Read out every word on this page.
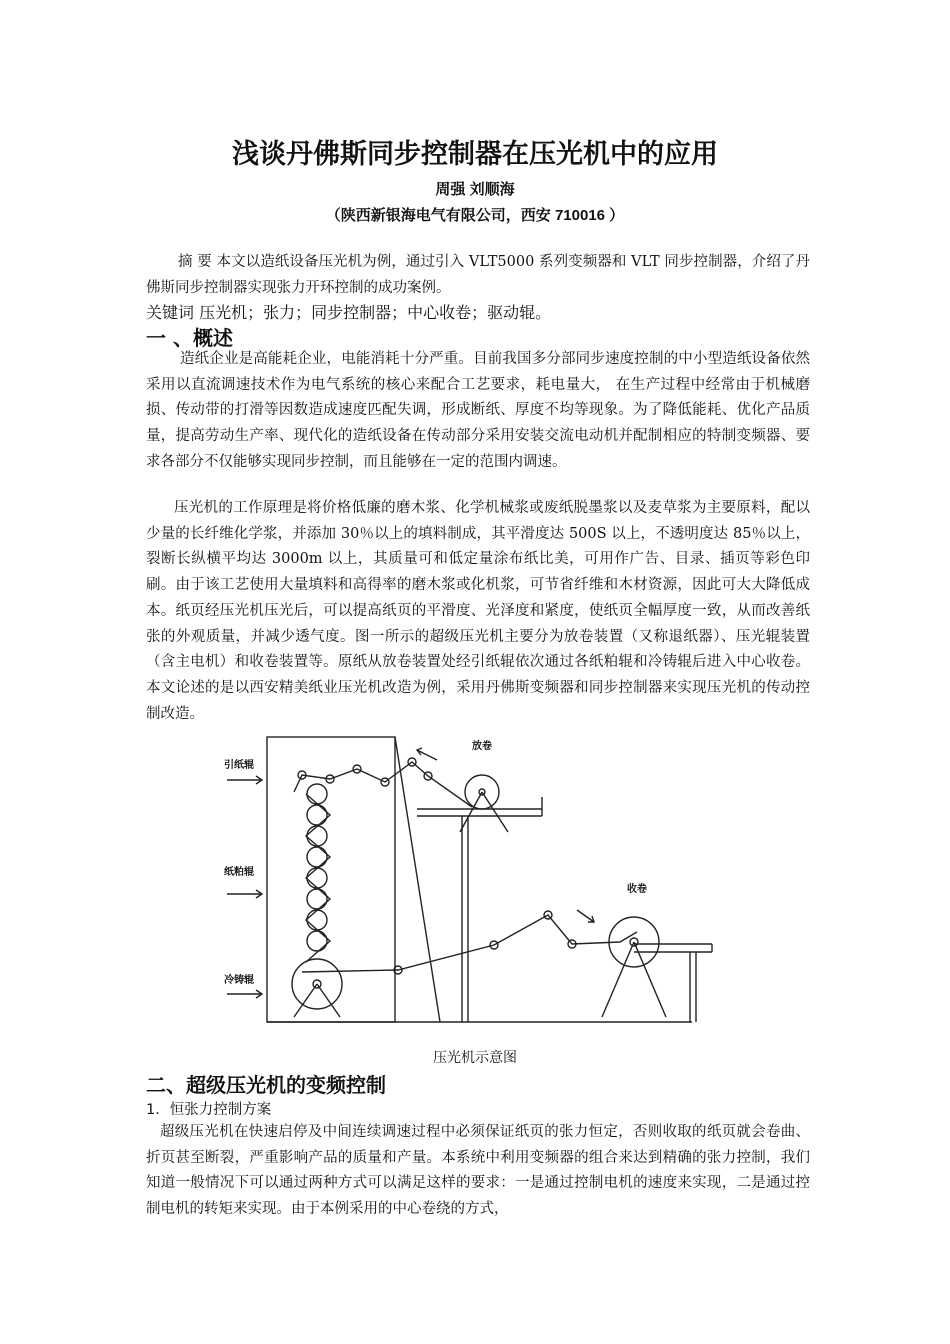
浅谈丹佛斯同步控制器在压光机中的应用
周强 刘顺海
（陕西新银海电气有限公司，西安 710016 ）

摘 要 本文以造纸设备压光机为例，通过引入 VLT5000 系列变频器和 VLT 同步控制器，介绍了丹佛斯同步控制器实现张力开环控制的成功案例。

关键词 压光机；张力；同步控制器；中心收卷；驱动辊。
一 、概述

造纸企业是高能耗企业，电能消耗十分严重。目前我国多分部同步速度控制的中小型造纸设备依然采用以直流调速技术作为电气系统的核心来配合工艺要求，耗电量大， 在生产过程中经常由于机械磨损、传动带的打滑等因数造成速度匹配失调，形成断纸、厚度不均等现象。为了降低能耗、优化产品质量，提高劳动生产率、现代化的造纸设备在传动部分采用安装交流电动机并配制相应的特制变频器、要求各部分不仅能够实现同步控制，而且能够在一定的范围内调速。

压光机的工作原理是将价格低廉的磨木浆、化学机械浆或废纸脱墨浆以及麦草浆为主要原料，配以少量的长纤维化学浆，并添加 30％以上的填料制成，其平滑度达 500S 以上，不透明度达 85％以上，裂断长纵横平均达 3000m 以上，其质量可和低定量涂布纸比美，可用作广告、目录、插页等彩色印刷。由于该工艺使用大量填料和高得率的磨木浆或化机浆，可节省纤维和木材资源，因此可大大降低成本。纸页经压光机压光后，可以提高纸页的平滑度、光泽度和紧度，使纸页全幅厚度一致，从而改善纸张的外观质量，并减少透气度。图一所示的超级压光机主要分为放卷装置（又称退纸器）、压光辊装置（含主电机）和收卷装置等。原纸从放卷装置处经引纸辊依次通过各纸粕辊和冷铸辊后进入中心收卷。本文论述的是以西安精美纸业压光机改造为例，采用丹佛斯变频器和同步控制器来实现压光机的传动控制改造。

引纸辊
纸粕辊
冷铸辊
放卷
收卷
压光机示意图
二、超级压光机的变频控制
1．恒张力控制方案

超级压光机在快速启停及中间连续调速过程中必须保证纸页的张力恒定，否则收取的纸页就会卷曲、折页甚至断裂，严重影响产品的质量和产量。本系统中利用变频器的组合来达到精确的张力控制，我们知道一般情况下可以通过两种方式可以满足这样的要求：一是通过控制电机的速度来实现，二是通过控制电机的转矩来实现。由于本例采用的中心卷绕的方式，
